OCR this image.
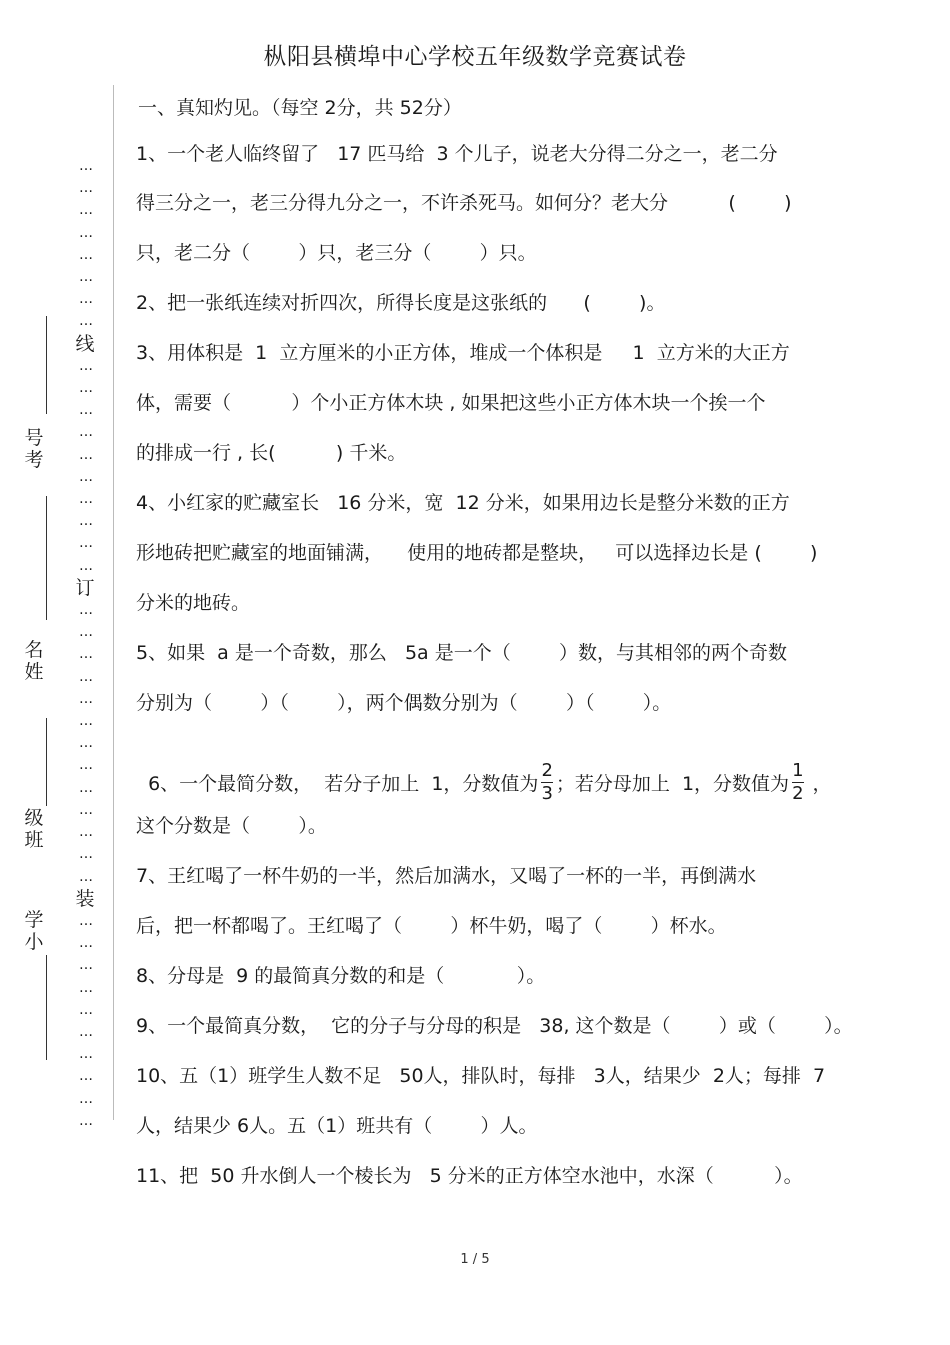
枞阳县横埠中心学校五年级数学竞赛试卷
一、真知灼见。（每空 2分，共 52分）
…
…
…
…
…
…
…
…
线
…
…
…
…
…
…
…
…
…
…
订
…
…
…
…
…
…
…
…
…
…
…
…
…
装
…
…
…
…
…
…
…
…
…
…
号考
名姓
级班
学小
1、一个老人临终留了   17 匹马给  3 个儿子，说老大分得二分之一，老二分
得三分之一，老三分得九分之一，不许杀死马。如何分？老大分          (        )
只，老二分（        ）只，老三分（        ）只。
2、把一张纸连续对折四次，所得长度是这张纸的      (        )。
3、用体积是  1  立方厘米的小正方体，堆成一个体积是     1  立方米的大正方
体，需要（          ）个小正方体木块 , 如果把这些小正方体木块一个挨一个
的排成一行 , 长(          ) 千米。
4、小红家的贮藏室长   16 分米，宽  12 分米，如果用边长是整分米数的正方
形地砖把贮藏室的地面铺满，    使用的地砖都是整块，   可以选择边长是 (        )
分米的地砖。
5、如果  a 是一个奇数，那么   5a 是一个（        ）数，与其相邻的两个奇数
分别为（        ）（        ），两个偶数分别为（        ）（        ）。

6、一个最简分数，  若分子加上  1，分数值为 $\frac{2}{3}$ ；若分母加上  1，分数值为 $\frac{1}{2}$ ，

这个分数是（        ）。
7、王红喝了一杯牛奶的一半，然后加满水，又喝了一杯的一半，再倒满水
后，把一杯都喝了。王红喝了（        ）杯牛奶，喝了（        ）杯水。
8、分母是  9 的最简真分数的和是（            ）。
9、一个最简真分数，  它的分子与分母的积是   38, 这个数是（        ）或（        ）。
10、五（1）班学生人数不足   50人，排队时，每排   3人，结果少  2人；每排  7
人，结果少 6人。五（1）班共有（        ）人。
11、把  50 升水倒人一个棱长为   5 分米的正方体空水池中，水深（          ）。
1 / 5
